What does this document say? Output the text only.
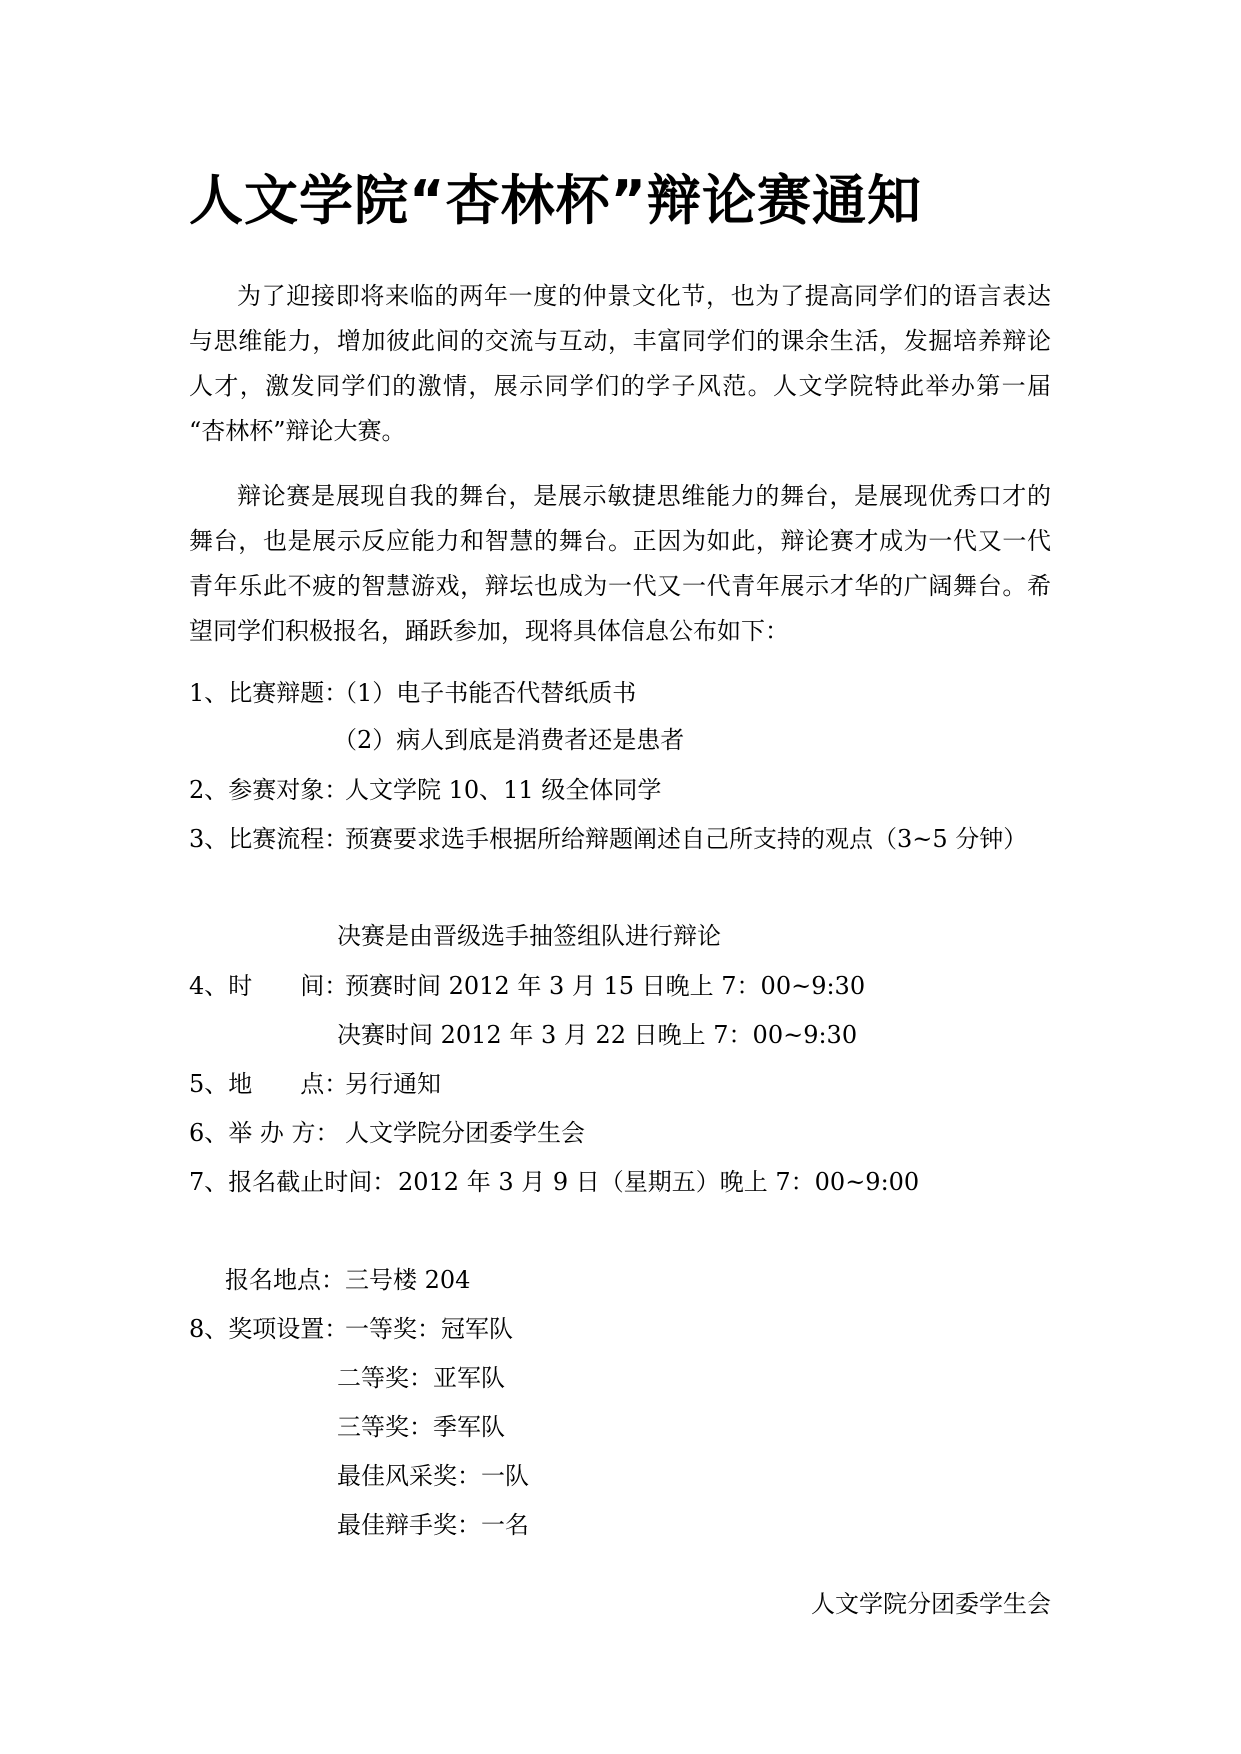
人文学院“杏林杯”辩论赛通知
为了迎接即将来临的两年一度的仲景文化节，也为了提高同学们的语言表达
与思维能力，增加彼此间的交流与互动，丰富同学们的课余生活，发掘培养辩论
人才，激发同学们的激情，展示同学们的学子风范。人文学院特此举办第一届
“杏林杯”辩论大赛。
辩论赛是展现自我的舞台，是展示敏捷思维能力的舞台，是展现优秀口才的
舞台，也是展示反应能力和智慧的舞台。正因为如此，辩论赛才成为一代又一代
青年乐此不疲的智慧游戏，辩坛也成为一代又一代青年展示才华的广阔舞台。希
望同学们积极报名，踊跃参加，现将具体信息公布如下：
1、比赛辩题：
（1）电子书能否代替纸质书
（2）病人到底是消费者还是患者
2、参赛对象：
人文学院 10、11 级全体同学
3、比赛流程：
预赛要求选手根据所给辩题阐述自己所支持的观点（3~5 分钟）
决赛是由晋级选手抽签组队进行辩论
4、时　　间：
预赛时间 2012 年 3 月 15 日晚上 7：00~9:30
决赛时间 2012 年 3 月 22 日晚上 7：00~9:30
5、地　　点：
另行通知
6、举 办 方： 人文学院分团委学生会
7、报名截止时间： 2012 年 3 月 9 日（星期五）晚上 7：00~9:00
报名地点：三号楼 204
8、奖项设置：
一等奖：冠军队
二等奖：亚军队
三等奖：季军队
最佳风采奖：一队
最佳辩手奖：一名
人文学院分团委学生会
